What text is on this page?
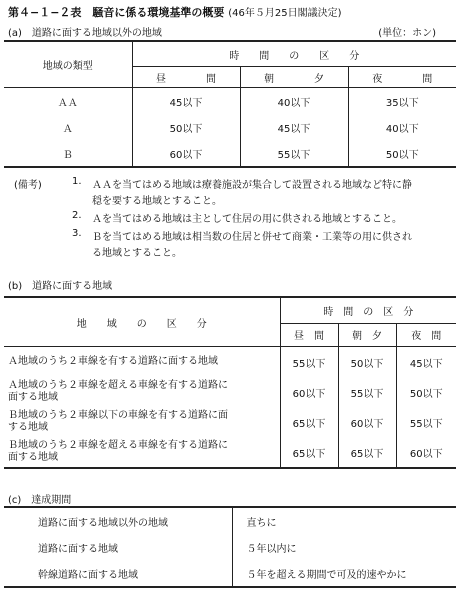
第４−１−２表　騒音に係る環境基準の概要 (46年５月25日閣議決定)
(a)　道路に面する地域以外の地域	(単位：ホン)
地域の類型	時　　間　　の　　区　　分		
	昼　　　　間	朝　　　　夕	夜　　　　間
ＡＡ	45以下	40以下	35以下
Ａ	50以下	45以下	40以下
Ｂ	60以下	55以下	50以下
(備考)	1. ＡＡを当てはめる地域は療養施設が集合して設置される地域など特に静
穏を要する地域とすること。
2. Ａを当てはめる地域は主として住居の用に供される地域とすること。
3. Ｂを当てはめる地域は相当数の住居と併せて商業・工業等の用に供され
る地域とすること。
(b)　道路に面する地域
地　　域　　の　　区　　分	時　間　の　区　分		
	昼　間	朝　夕	夜　間

Ａ地域のうち２車線を有する道路に面する地域	55以下	50以下	45以下

Ａ地域のうち２車線を超える車線を有する道路に
面する地域	60以下	55以下	50以下

Ｂ地域のうち２車線以下の車線を有する道路に面
する地域	65以下	60以下	55以下

Ｂ地域のうち２車線を超える車線を有する道路に
面する地域	65以下	65以下	60以下
(c)　達成期間
道路に面する地域以外の地域	直ちに
道路に面する地域	５年以内に
幹線道路に面する地域	５年を超える期間で可及的速やかに
